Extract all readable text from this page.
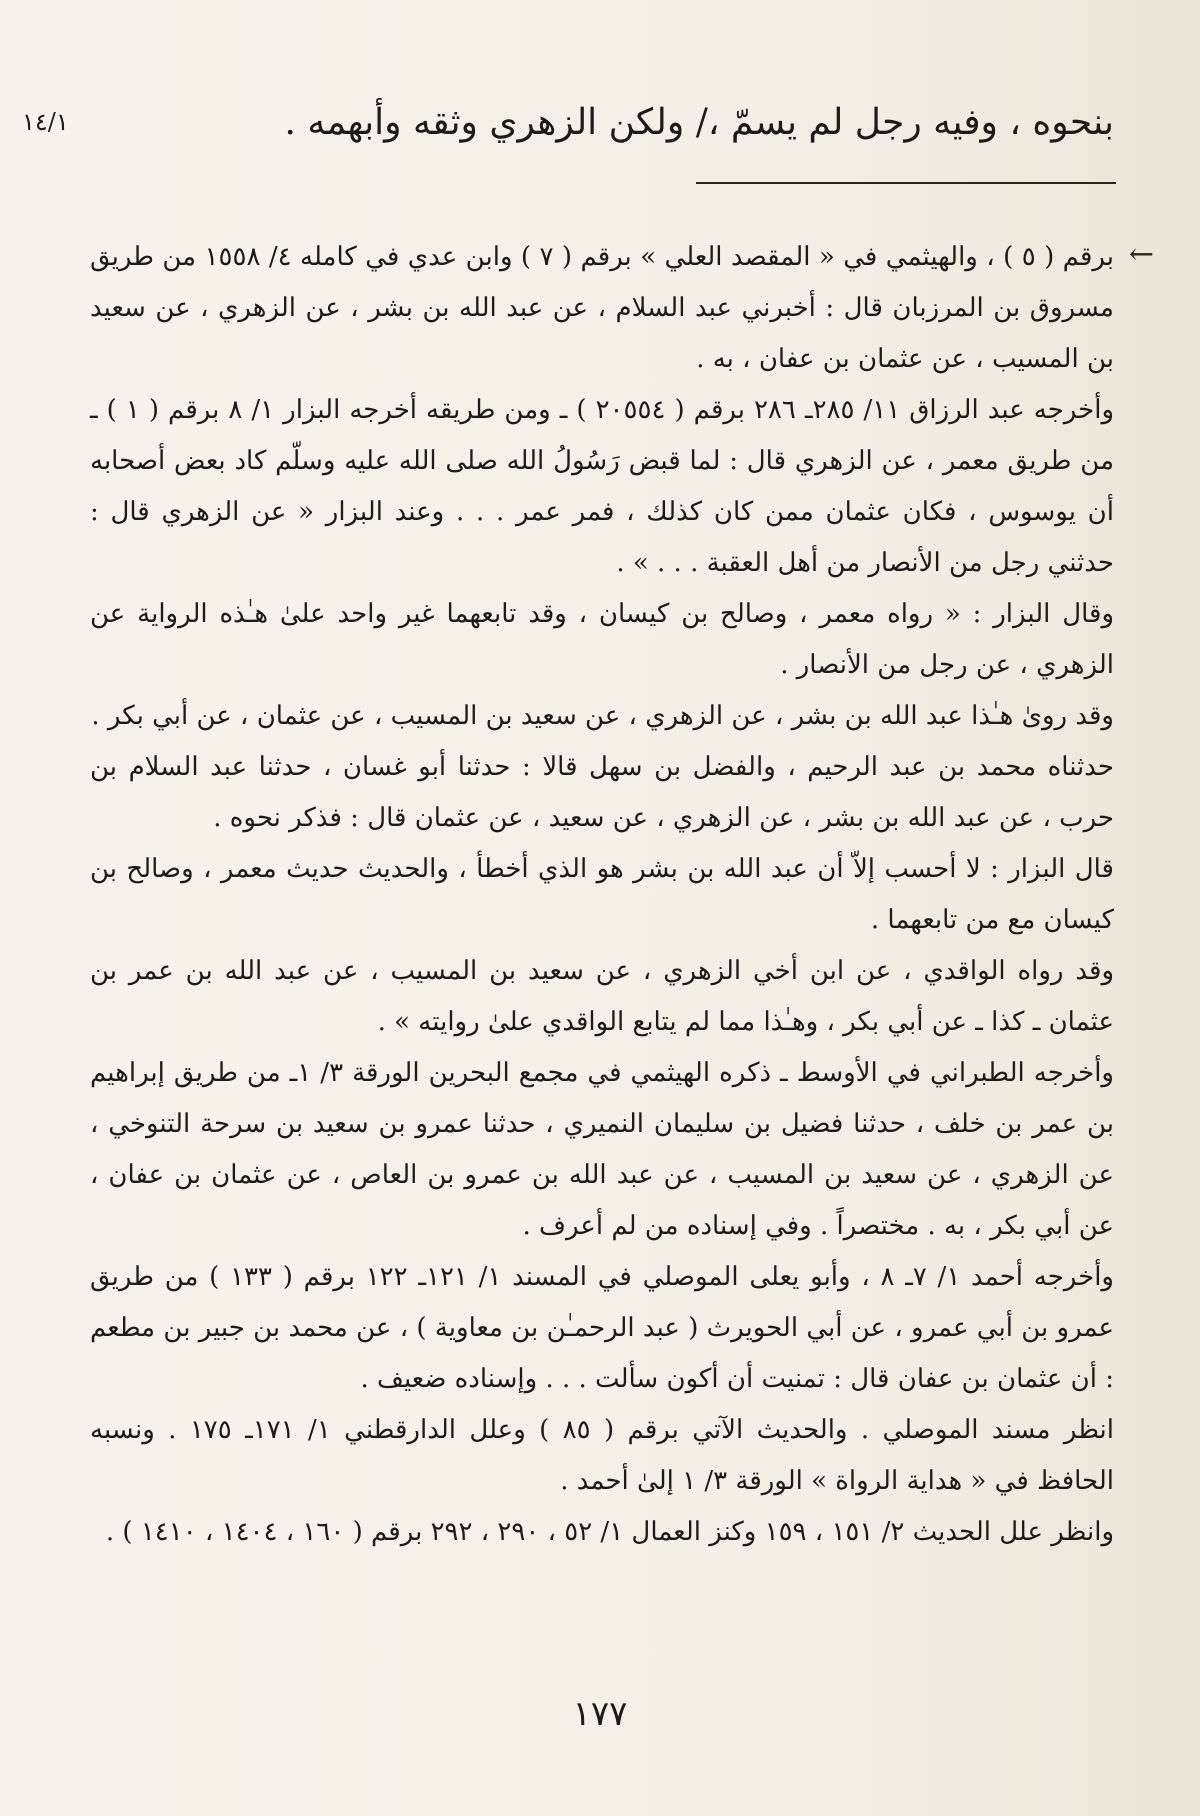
١٤/١	بنحوه ، وفيه رجل لم يسمّ ،/ ولكن الزهري وثقه وأبهمه .
←

برقم ( ٥ ) ، والهيثمي في « المقصد العلي » برقم ( ٧ ) وابن عدي في كامله ٤/ ١٥٥٨ من طريق مسروق بن المرزبان قال : أخبرني عبد السلام ، عن عبد الله بن بشر ، عن الزهري ، عن سعيد بن المسيب ، عن عثمان بن عفان ، به .

وأخرجه عبد الرزاق ١١/ ٢٨٥ـ ٢٨٦ برقم ( ٢٠٥٥٤ ) ـ ومن طريقه أخرجه البزار ١/ ٨ برقم ( ١ ) ـ من طريق معمر ، عن الزهري قال : لما قبض رَسُولُ الله صلى الله عليه وسلّم كاد بعض أصحابه أن يوسوس ، فكان عثمان ممن كان كذلك ، فمر عمر . . . وعند البزار « عن الزهري قال : حدثني رجل من الأنصار من أهل العقبة . . . » .

وقال البزار : « رواه معمر ، وصالح بن كيسان ، وقد تابعهما غير واحد علىٰ هـٰذه الرواية عن الزهري ، عن رجل من الأنصار .

وقد روىٰ هـٰذا عبد الله بن بشر ، عن الزهري ، عن سعيد بن المسيب ، عن عثمان ، عن أبي بكر .

حدثناه محمد بن عبد الرحيم ، والفضل بن سهل قالا : حدثنا أبو غسان ، حدثنا عبد السلام بن حرب ، عن عبد الله بن بشر ، عن الزهري ، عن سعيد ، عن عثمان قال : فذكر نحوه .

قال البزار : لا أحسب إلاّ أن عبد الله بن بشر هو الذي أخطأ ، والحديث حديث معمر ، وصالح بن كيسان مع من تابعهما .

وقد رواه الواقدي ، عن ابن أخي الزهري ، عن سعيد بن المسيب ، عن عبد الله بن عمر بن عثمان ـ كذا ـ عن أبي بكر ، وهـٰذا مما لم يتابع الواقدي علىٰ روايته » .

وأخرجه الطبراني في الأوسط ـ ذكره الهيثمي في مجمع البحرين الورقة ٣/ ١ـ من طريق إبراهيم بن عمر بن خلف ، حدثنا فضيل بن سليمان النميري ، حدثنا عمرو بن سعيد بن سرحة التنوخي ، عن الزهري ، عن سعيد بن المسيب ، عن عبد الله بن عمرو بن العاص ، عن عثمان بن عفان ، عن أبي بكر ، به . مختصراً . وفي إسناده من لم أعرف .

وأخرجه أحمد ١/ ٧ـ ٨ ، وأبو يعلى الموصلي في المسند ١/ ١٢١ـ ١٢٢ برقم ( ١٣٣ ) من طريق عمرو بن أبي عمرو ، عن أبي الحويرث ( عبد الرحمـٰن بن معاوية ) ، عن محمد بن جبير بن مطعم : أن عثمان بن عفان قال : تمنيت أن أكون سألت . . . وإسناده ضعيف .

انظر مسند الموصلي . والحديث الآتي برقم ( ٨٥ ) وعلل الدارقطني ١/ ١٧١ـ ١٧٥ . ونسبه الحافظ في « هداية الرواة » الورقة ٣/ ١ إلىٰ أحمد .

وانظر علل الحديث ٢/ ١٥١ ، ١٥٩ وكنز العمال ١/ ٥٢ ، ٢٩٠ ، ٢٩٢ برقم ( ١٦٠ ، ١٤٠٤ ، ١٤١٠ ) .

١٧٧
